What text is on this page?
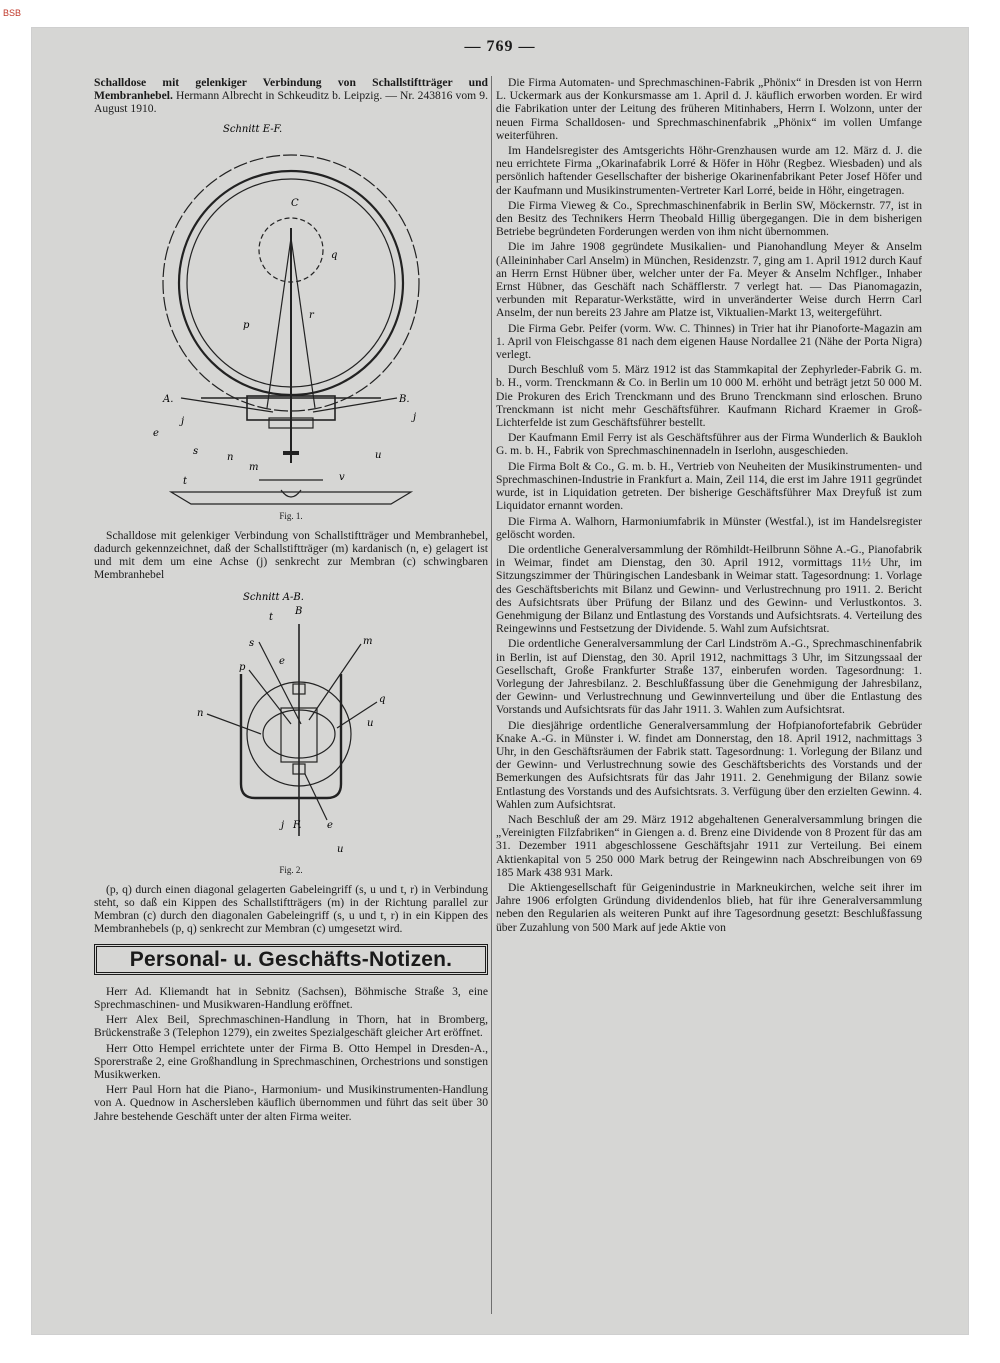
BSB
— 769 —

Schalldose mit gelenkiger Verbindung von Schallstiftträger und Membranhebel. Hermann Albrecht in Schkeuditz b. Leipzig. — Nr. 243816 vom 9. August 1910.

Schnitt E-F.
C
q
p
r
A.	B.
j
e
j
s
m
n
t
u
v
Fig. 1.

Schalldose mit gelenkiger Verbindung von Schallstiftträger und Membranhebel, dadurch gekennzeichnet, daß der Schallstiftträger (m) kardanisch (n, e) gelagert ist und mit dem um eine Achse (j) senkrecht zur Membran (c) schwingbaren Membranhebel

Schnitt A-B.
t
B
s
p
e
m
q
n
u
j F.	e
u
Fig. 2.

(p, q) durch einen diagonal gelagerten Gabeleingriff (s, u und t, r) in Verbindung steht, so daß ein Kippen des Schallstiftträgers (m) in der Richtung parallel zur Membran (c) durch den diagonalen Gabeleingriff (s, u und t, r) in ein Kippen des Membranhebels (p, q) senkrecht zur Membran (c) umgesetzt wird.

Personal- u. Geschäfts-Notizen.

Herr Ad. Kliemandt hat in Sebnitz (Sachsen), Böhmische Straße 3, eine Sprechmaschinen- und Musikwaren-Handlung eröffnet.

Herr Alex Beil, Sprechmaschinen-Handlung in Thorn, hat in Bromberg, Brückenstraße 3 (Telephon 1279), ein zweites Spezialgeschäft gleicher Art eröffnet.

Herr Otto Hempel errichtete unter der Firma B. Otto Hempel in Dresden-A., Sporerstraße 2, eine Großhandlung in Sprechmaschinen, Orchestrions und sonstigen Musikwerken.

Herr Paul Horn hat die Piano-, Harmonium- und Musikinstrumenten-Handlung von A. Quednow in Aschersleben käuflich übernommen und führt das seit über 30 Jahre bestehende Geschäft unter der alten Firma weiter.

Die Firma Automaten- und Sprechmaschinen-Fabrik „Phönix“ in Dresden ist von Herrn L. Uckermark aus der Konkursmasse am 1. April d. J. käuflich erworben worden. Er wird die Fabrikation unter der Leitung des früheren Mitinhabers, Herrn I. Wolzonn, unter der neuen Firma Schalldosen- und Sprechmaschinenfabrik „Phönix“ im vollen Umfange weiterführen.

Im Handelsregister des Amtsgerichts Höhr-Grenzhausen wurde am 12. März d. J. die neu errichtete Firma „Okarinafabrik Lorré & Höfer in Höhr (Regbez. Wiesbaden) und als persönlich haftender Gesellschafter der bisherige Okarinenfabrikant Peter Josef Höfer und der Kaufmann und Musikinstrumenten-Vertreter Karl Lorré, beide in Höhr, eingetragen.

Die Firma Vieweg & Co., Sprechmaschinenfabrik in Berlin SW, Möckernstr. 77, ist in den Besitz des Technikers Herrn Theobald Hillig übergegangen. Die in dem bisherigen Betriebe begründeten Forderungen werden von ihm nicht übernommen.

Die im Jahre 1908 gegründete Musikalien- und Pianohandlung Meyer & Anselm (Alleininhaber Carl Anselm) in München, Residenzstr. 7, ging am 1. April 1912 durch Kauf an Herrn Ernst Hübner über, welcher unter der Fa. Meyer & Anselm Nchflger., Inhaber Ernst Hübner, das Geschäft nach Schäfflerstr. 7 verlegt hat. — Das Pianomagazin, verbunden mit Reparatur-Werkstätte, wird in unveränderter Weise durch Herrn Carl Anselm, der nun bereits 23 Jahre am Platze ist, Viktualien-Markt 13, weitergeführt.

Die Firma Gebr. Peifer (vorm. Ww. C. Thinnes) in Trier hat ihr Pianoforte-Magazin am 1. April von Fleischgasse 81 nach dem eigenen Hause Nordallee 21 (Nähe der Porta Nigra) verlegt.

Durch Beschluß vom 5. März 1912 ist das Stammkapital der Zephyrleder-Fabrik G. m. b. H., vorm. Trenckmann & Co. in Berlin um 10 000 M. erhöht und beträgt jetzt 50 000 M. Die Prokuren des Erich Trenckmann und des Bruno Trenckmann sind erloschen. Bruno Trenckmann ist nicht mehr Geschäftsführer. Kaufmann Richard Kraemer in Groß-Lichterfelde ist zum Geschäftsführer bestellt.

Der Kaufmann Emil Ferry ist als Geschäftsführer aus der Firma Wunderlich & Baukloh G. m. b. H., Fabrik von Sprechmaschinennadeln in Iserlohn, ausgeschieden.

Die Firma Bolt & Co., G. m. b. H., Vertrieb von Neuheiten der Musikinstrumenten- und Sprechmaschinen-Industrie in Frankfurt a. Main, Zeil 114, die erst im Jahre 1911 gegründet wurde, ist in Liquidation getreten. Der bisherige Geschäftsführer Max Dreyfuß ist zum Liquidator ernannt worden.

Die Firma A. Walhorn, Harmoniumfabrik in Münster (Westfal.), ist im Handelsregister gelöscht worden.

Die ordentliche Generalversammlung der Römhildt-Heilbrunn Söhne A.-G., Pianofabrik in Weimar, findet am Dienstag, den 30. April 1912, vormittags 11½ Uhr, im Sitzungszimmer der Thüringischen Landesbank in Weimar statt. Tagesordnung: 1. Vorlage des Geschäftsberichts mit Bilanz und Gewinn- und Verlustrechnung pro 1911. 2. Bericht des Aufsichtsrats über Prüfung der Bilanz und des Gewinn- und Verlustkontos. 3. Genehmigung der Bilanz und Entlastung des Vorstands und Aufsichtsrats. 4. Verteilung des Reingewinns und Festsetzung der Dividende. 5. Wahl zum Aufsichtsrat.

Die ordentliche Generalversammlung der Carl Lindström A.-G., Sprechmaschinenfabrik in Berlin, ist auf Dienstag, den 30. April 1912, nachmittags 3 Uhr, im Sitzungssaal der Gesellschaft, Große Frankfurter Straße 137, einberufen worden. Tagesordnung: 1. Vorlegung der Jahresbilanz. 2. Beschlußfassung über die Genehmigung der Jahresbilanz, der Gewinn- und Verlustrechnung und Gewinnverteilung und über die Entlastung des Vorstands und Aufsichtsrats für das Jahr 1911. 3. Wahlen zum Aufsichtsrat.

Die diesjährige ordentliche Generalversammlung der Hofpianofortefabrik Gebrüder Knake A.-G. in Münster i. W. findet am Donnerstag, den 18. April 1912, nachmittags 3 Uhr, in den Geschäftsräumen der Fabrik statt. Tagesordnung: 1. Vorlegung der Bilanz und der Gewinn- und Verlustrechnung sowie des Geschäftsberichts des Vorstands und der Bemerkungen des Aufsichtsrats für das Jahr 1911. 2. Genehmigung der Bilanz sowie Entlastung des Vorstands und des Aufsichtsrats. 3. Verfügung über den erzielten Gewinn. 4. Wahlen zum Aufsichtsrat.

Nach Beschluß der am 29. März 1912 abgehaltenen Generalversammlung bringen die „Vereinigten Filzfabriken“ in Giengen a. d. Brenz eine Dividende von 8 Prozent für das am 31. Dezember 1911 abgeschlossene Geschäftsjahr 1911 zur Verteilung. Bei einem Aktienkapital von 5 250 000 Mark betrug der Reingewinn nach Abschreibungen von 69 185 Mark 438 931 Mark.

Die Aktiengesellschaft für Geigenindustrie in Markneukirchen, welche seit ihrer im Jahre 1906 erfolgten Gründung dividendenlos blieb, hat für ihre Generalversammlung neben den Regularien als weiteren Punkt auf ihre Tagesordnung gesetzt: Beschlußfassung über Zuzahlung von 500 Mark auf jede Aktie von
